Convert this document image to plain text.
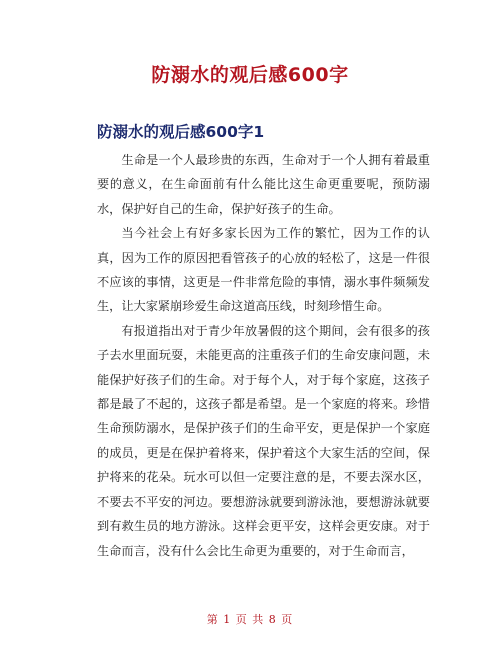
防溺水的观后感600字
防溺水的观后感600字1

生命是一个人最珍贵的东西，生命对于一个人拥有着最重要的意义，在生命面前有什么能比这生命更重要呢，预防溺水，保护好自己的生命，保护好孩子的生命。

当今社会上有好多家长因为工作的繁忙，因为工作的认真，因为工作的原因把看管孩子的心放的轻松了，这是一件很不应该的事情，这更是一件非常危险的事情，溺水事件频频发生，让大家紧崩珍爱生命这道高压线，时刻珍惜生命。

有报道指出对于青少年放暑假的这个期间，会有很多的孩子去水里面玩耍，未能更高的注重孩子们的生命安康问题，未能保护好孩子们的生命。对于每个人，对于每个家庭，这孩子都是最了不起的，这孩子都是希望。是一个家庭的将来。珍惜生命预防溺水，是保护孩子们的生命平安，更是保护一个家庭的成员，更是在保护着将来，保护着这个大家生活的空间，保护将来的花朵。玩水可以但一定要注意的是，不要去深水区，不要去不平安的河边。要想游泳就要到游泳池，要想游泳就要到有救生员的地方游泳。这样会更平安，这样会更安康。对于生命而言，没有什么会比生命更为重要的，对于生命而言，

第 1 页 共 8 页
